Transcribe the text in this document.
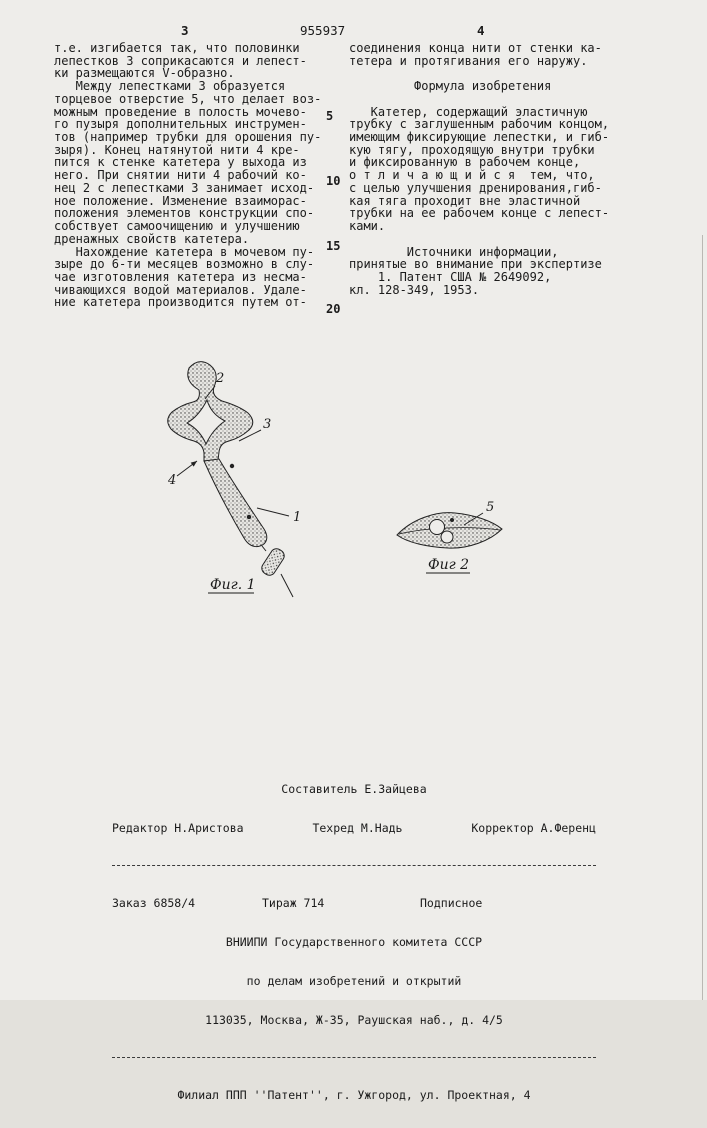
3	955937	4
т.е. изгибается так, что половинки
лепестков 3 соприкасаются и лепест-
ки размещаются V-образно.
Между лепестками 3 образуется
торцевое отверстие 5, что делает воз-
можным проведение в полость мочево-
го пузыря дополнительных инструмен-
тов (например трубки для орошения пу-
зыря). Конец натянутой нити 4 кре-
пится к стенке катетера у выхода из
него. При снятии нити 4 рабочий ко-
нец 2 с лепестками 3 занимает исход-
ное положение. Изменение взаиморас-
положения элементов конструкции спо-
собствует самоочищению и улучшению
дренажных свойств катетера.
Нахождение катетера в мочевом пу-
зыре до 6-ти месяцев возможно в слу-
чае изготовления катетера из несма-
чивающихся водой материалов. Удале-
ние катетера производится путем от-
соединения конца нити от стенки ка-
тетера и протягивания его наружу.

Формула изобретения

Катетер, содержащий эластичную
трубку с заглушенным рабочим концом,
имеющим фиксирующие лепестки, и гиб-
кую тягу, проходящую внутри трубки
и фиксированную в рабочем конце,
о т л и ч а ю щ и й с я  тем, что,
с целью улучшения дренирования,гиб-
кая тяга проходит вне эластичной
трубки на ее рабочем конце с лепест-
ками.

Источники информации,
принятые во внимание при экспертизе
1. Патент США № 2649092,
кл. 128-349, 1953.
5
10
15
20
2
3
4
1
5
Фиг. 1
Фиг 2

Составитель Е.Зайцева

Редактор Н.Аристова	Техред М.Надь	Корректор А.Ференц

Заказ 6858/4	Тираж 714	Подписное

ВНИИПИ Государственного комитета СССР

по делам изобретений и открытий

113035, Москва, Ж-35, Раушская наб., д. 4/5

Филиал ППП ''Патент'', г. Ужгород, ул. Проектная, 4
